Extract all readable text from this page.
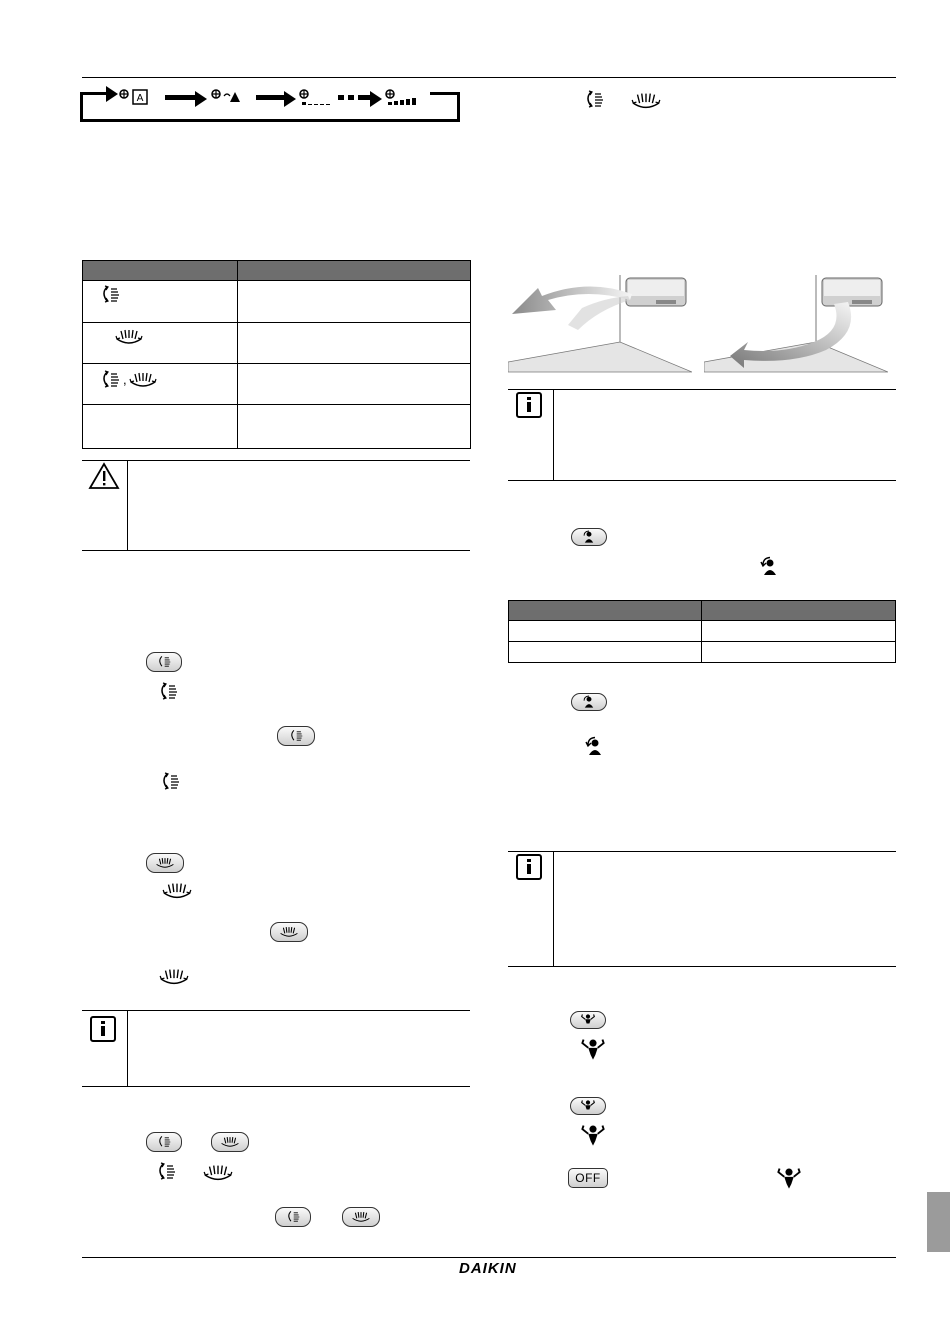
A

,	

OFF
DAIKIN
